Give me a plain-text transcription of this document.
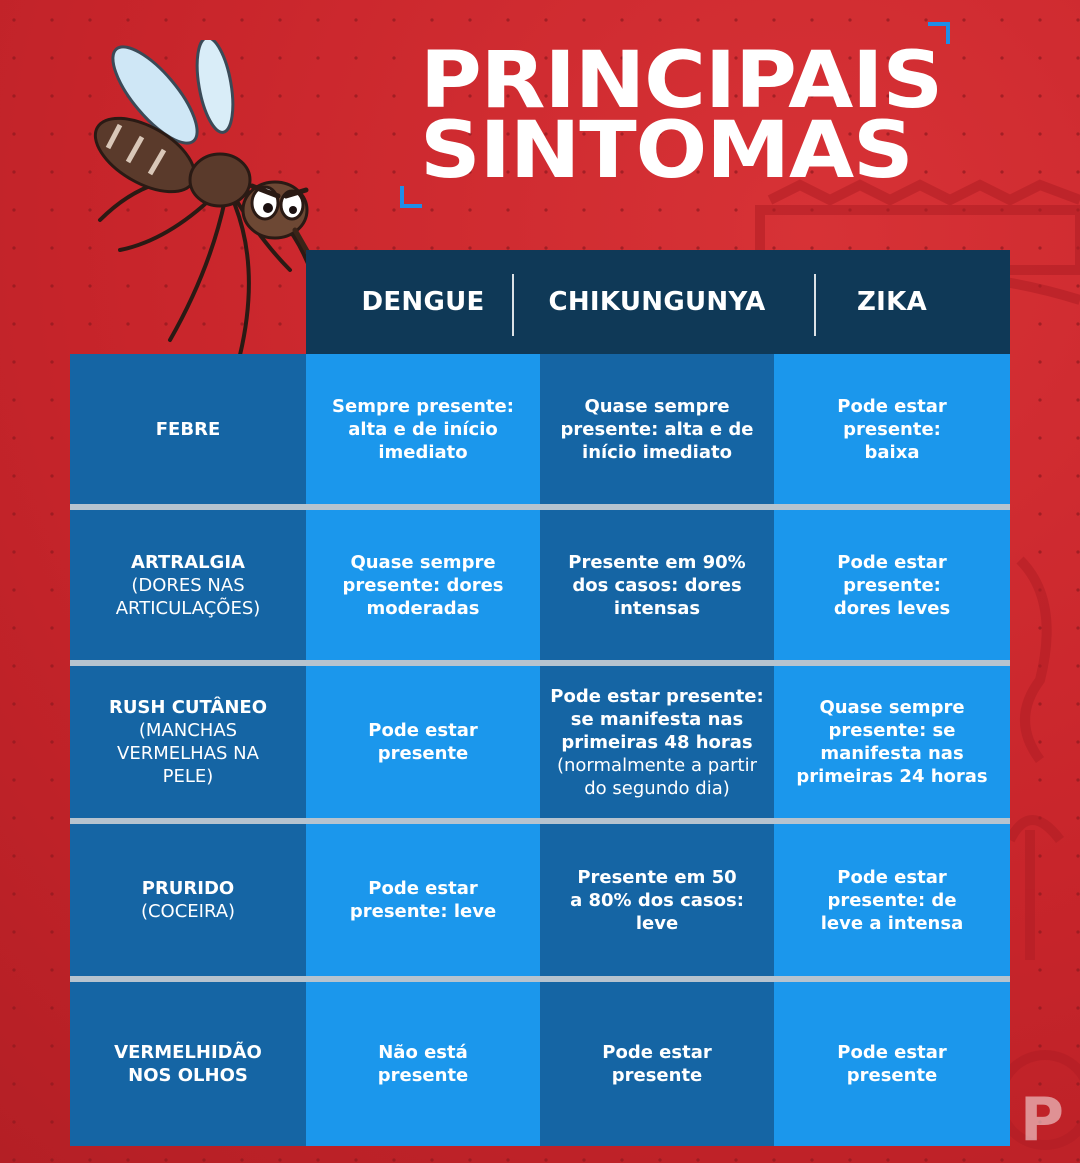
P
PRINCIPAIS
SINTOMAS
DENGUE	CHIKUNGUNYA	ZIKA
FEBRE
Sempre presente: alta e de início imediato
Quase sempre presente: alta e de início imediato
Pode estar presente: baixa
ARTRALGIA
(DORES NAS ARTICULAÇÕES)
Quase sempre presente: dores moderadas
Presente em 90% dos casos: dores intensas
Pode estar presente: dores leves
RUSH CUTÂNEO
(MANCHAS VERMELHAS NA PELE)
Pode estar presente
Pode estar presente: se manifesta nas primeiras 48 horas
(normalmente a partir do segundo dia)
Quase sempre presente: se manifesta nas primeiras 24 horas
PRURIDO
(COCEIRA)
Pode estar presente: leve
Presente em 50 a 80% dos casos: leve
Pode estar presente: de leve a intensa
VERMELHIDÃO NOS OLHOS
Não está presente
Pode estar presente
Pode estar presente
